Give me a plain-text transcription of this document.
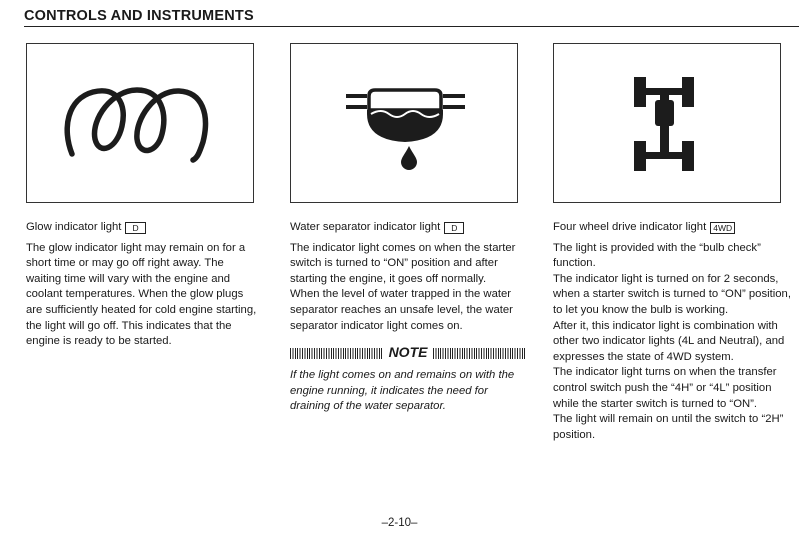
CONTROLS AND INSTRUMENTS
Glow indicator light	D

The glow indicator light may remain on for a short time or may go off right away. The waiting time will vary with the engine and coolant temperatures. When the glow plugs are sufficiently heated for cold engine starting, the light will go off. This indicates that the engine is ready to be started.

Water separator indicator light	D

The indicator light comes on when the starter switch is turned to “ON” position and after starting the engine, it goes off normally.

When the level of water trapped in the water separator reaches an unsafe level, the water separator indicator light comes on.

NOTE

If the light comes on and remains on with the engine running, it indicates the need for draining of the water separator.

Four wheel drive indicator light 4WD

The light is provided with the “bulb check” function.

The indicator light is turned on for 2 seconds, when a starter switch is turned to “ON” position, to let you know the bulb is working.

After it, this indicator light is combination with other two indicator lights (4L and Neutral), and expresses the state of 4WD system.

The indicator light turns on when the transfer control switch push the “4H” or “4L” position while the starter switch is turned to “ON”.

The light will remain on until the switch to “2H” position.

–2-10–
